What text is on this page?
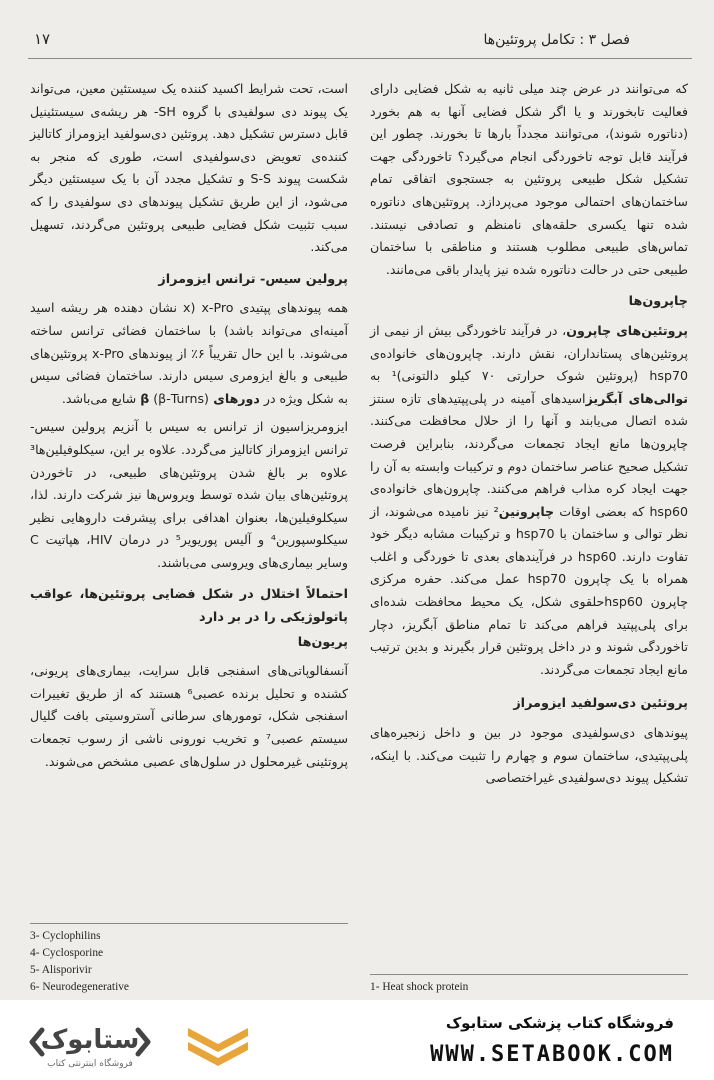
فصل ۳ : تکامل پروتئین‌ها
۱۷

که می‌توانند در عرض چند میلی ثانیه به شکل فضایی دارای فعالیت تابخورند و یا اگر شکل فضایی آنها به هم بخورد (دناتوره شوند)، می‌توانند مجدداً بارها تا بخورند. چطور این فرآیند قابل توجه تاخوردگی انجام می‌گیرد؟ تاخوردگی جهت تشکیل شکل طبیعی پروتئین به جستجوی اتفاقی تمام ساختمان‌های احتمالی موجود می‌پردازد. پروتئین‌های دناتوره شده تنها یکسری حلقه‌های نامنظم و تصادفی نیستند. تماس‌های طبیعی مطلوب هستند و مناطقی با ساختمان طبیعی حتی در حالت دناتوره شده نیز پایدار باقی می‌مانند.

چاپرون‌ها

پروتئین‌های چاپرون، در فرآیند تاخوردگی بیش از نیمی از پروتئین‌های پستانداران، نقش دارند. چاپرون‌های خانواده‌ی hsp70 (پروتئین شوک حرارتی ۷۰ کیلو دالتونی)¹ به توالی‌های آبگریزاسیدهای آمینه در پلی‌پپتیدهای تازه سنتز شده اتصال می‌یابند و آنها را از حلال محافظت می‌کنند. چاپرون‌ها مانع ایجاد تجمعات می‌گردند، بنابراین فرصت تشکیل صحیح عناصر ساختمان دوم و ترکیبات وابسته به آن را جهت ایجاد کره مذاب فراهم می‌کنند. چاپرون‌های خانواده‌ی hsp60 که بعضی اوقات چاپرونین² نیز نامیده می‌شوند، از نظر توالی و ساختمان با hsp70 و ترکیبات مشابه دیگر خود تفاوت دارند. hsp60 در فرآیندهای بعدی تا خوردگی و اغلب همراه با یک چاپرون hsp70 عمل می‌کند. حفره مرکزی چاپرون hsp60حلقوی شکل، یک محیط محافظت شده‌ای برای پلی‌پپتید فراهم می‌کند تا تمام مناطق آبگریز، دچار تاخوردگی شوند و در داخل پروتئین قرار بگیرند و بدین ترتیب مانع ایجاد تجمعات می‌گردند.

پروتئین دی‌سولفید ایزومراز

پیوندهای دی‌سولفیدی موجود در بین و داخل زنجیره‌های پلی‌پپتیدی، ساختمان سوم و چهارم را تثبیت می‌کند. با اینکه، تشکیل پیوند دی‌سولفیدی غیراختصاصی

است، تحت شرایط اکسید کننده یک سیستئین معین، می‌تواند یک پیوند دی سولفیدی با گروه SH- هر ریشه‌ی سیستئینیل قابل دسترس تشکیل دهد. پروتئین دی‌سولفید ایزومراز کاتالیز کننده‌ی تعویض دی‌سولفیدی است، طوری که منجر به شکست پیوند S-S و تشکیل مجدد آن با یک سیستئین دیگر می‌شود، از این طریق تشکیل پیوندهای دی سولفیدی را که سبب تثبیت شکل فضایی طبیعی پروتئین می‌گردند، تسهیل می‌کند.

پرولین سیس- ترانس ایزومراز

همه پیوندهای پپتیدی x-Pro (x نشان دهنده هر ریشه اسید آمینه‌ای می‌تواند باشد) با ساختمان فضائی ترانس ساخته می‌شوند. با این حال تقریباً ۶٪ از پیوندهای x-Pro پروتئین‌های طبیعی و بالغ ایزومری سیس دارند. ساختمان فضائی سیس به شکل ویژه در دورهای β (β-Turns) شایع می‌باشد.

ایزومریزاسیون از ترانس به سیس با آنزیم پرولین سیس- ترانس ایزومراز کاتالیز می‌گردد. علاوه بر این، سیکلوفیلین‌ها³ علاوه بر بالغ شدن پروتئین‌های طبیعی، در تاخوردن پروتئین‌های بیان شده توسط ویروس‌ها نیز شرکت دارند. لذا، سیکلوفیلین‌ها، بعنوان اهدافی برای پیشرفت داروهایی نظیر سیکلوسپورین⁴ و آلیس پوریویر⁵ در درمان HIV، هپاتیت C وسایر بیماری‌های ویروسی می‌باشند.

احتمالاً اختلال در شکل فضایی پروتئین‌ها، عواقب پاتولوژیکی را در بر دارد
پریون‌ها

آنسفالوپاتی‌های اسفنجی قابل سرایت، بیماری‌های پریونی، کشنده و تحلیل برنده عصبی⁶ هستند که از طریق تغییرات اسفنجی شکل، تومورهای سرطانی آستروسیتی بافت گلیال سیستم عصبی⁷ و تخریب نورونی ناشی از رسوب تجمعات پروتئینی غیرمحلول در سلول‌های عصبی مشخص می‌شوند.

3- Cyclophilins
4- Cyclosporine
5- Alisporivir
6- Neurodegenerative	1- Heat shock protein
ستابوک
فروشگاه اینترنتی کتاب
فروشگاه کتاب پزشکی ستابوک
WWW.SETABOOK.COM
